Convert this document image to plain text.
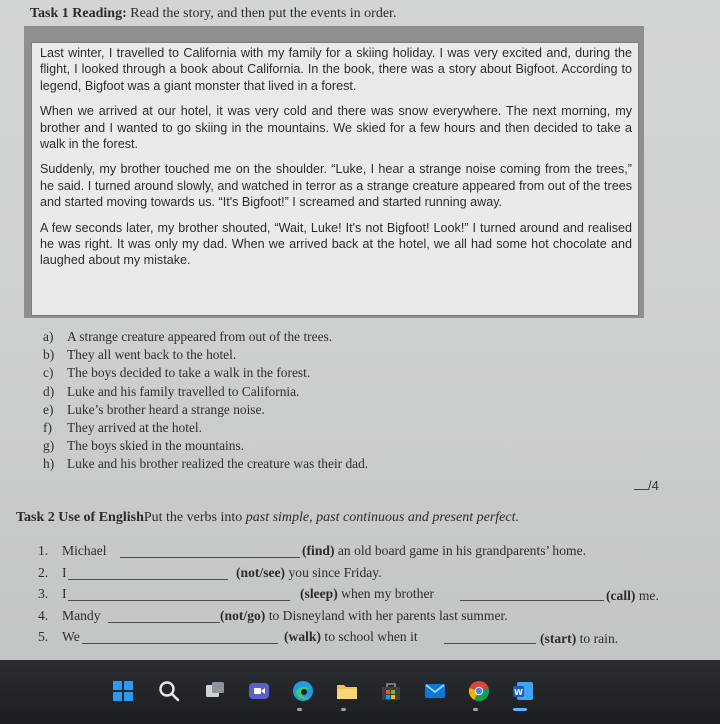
Task 1 Reading: Read the story, and then put the events in order.

Last winter, I travelled to California with my family for a skiing holiday. I was very excited and, during the flight, I looked through a book about California. In the book, there was a story about Bigfoot. According to legend, Bigfoot was a giant monster that lived in a forest.

When we arrived at our hotel, it was very cold and there was snow everywhere. The next morning, my brother and I wanted to go skiing in the mountains. We skied for a few hours and then decided to take a walk in the forest.

Suddenly, my brother touched me on the shoulder. “Luke, I hear a strange noise coming from the trees,” he said. I turned around slowly, and watched in terror as a strange creature appeared from out of the trees and started moving towards us. “It's Bigfoot!” I screamed and started running away.

A few seconds later, my brother shouted, “Wait, Luke! It's not Bigfoot! Look!” I turned around and realised he was right. It was only my dad. When we arrived back at the hotel, we all had some hot chocolate and laughed about my mistake.

a) A strange creature appeared from out of the trees.
b) They all went back to the hotel.
c) The boys decided to take a walk in the forest.
d) Luke and his family travelled to California.
e) Luke’s brother heard a strange noise.
f) They arrived at the hotel.
g) The boys skied in the mountains.
h) Luke and his brother realized the creature was their dad.
/4
Task 2 Use of EnglishPut the verbs into past simple, past continuous and present perfect.
1. Michael	(find) an old board game in his grandparents’ home.
2. I	(not/see) you since Friday.
3. I	(sleep) when my brother	(call) me.
4. Mandy	(not/go) to Disneyland with her parents last summer.
5. We	(walk) to school when it	(start) to rain.
W
